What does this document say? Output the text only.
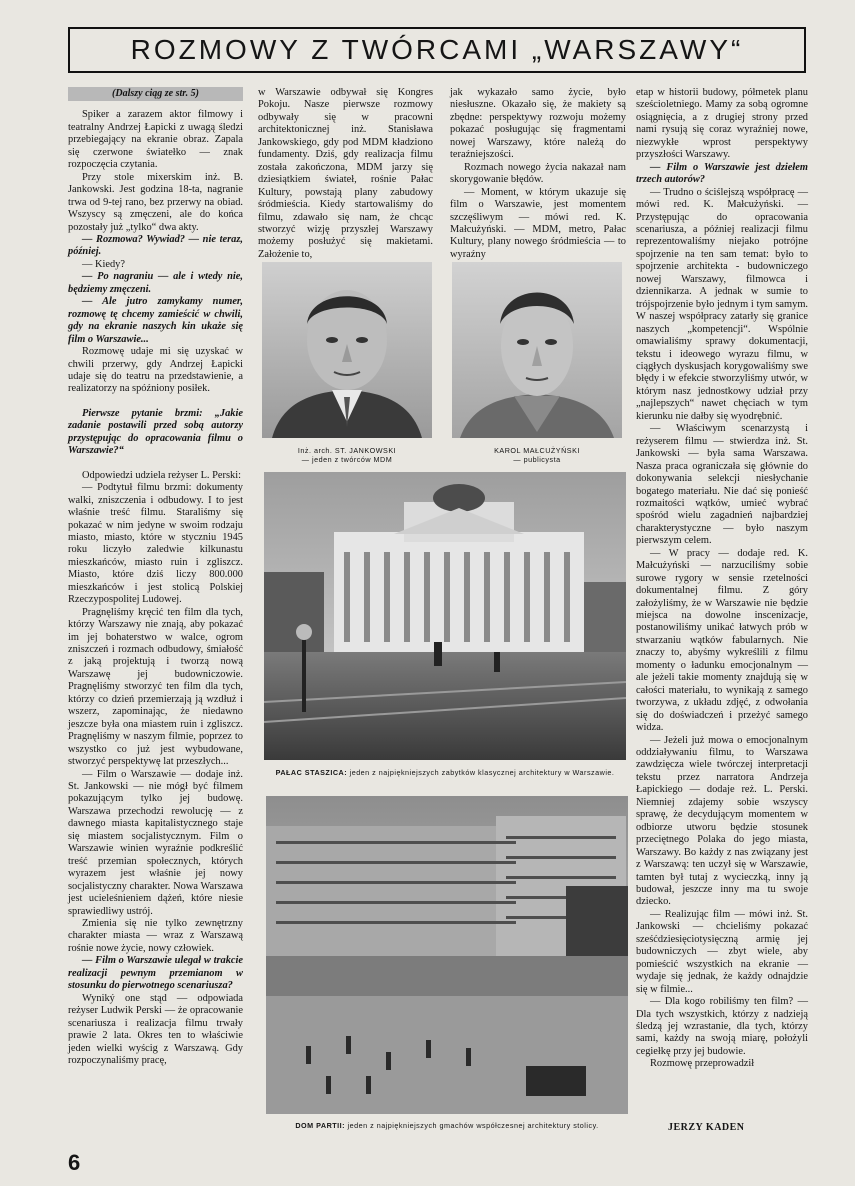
ROZMOWY Z TWÓRCAMI „WARSZAWY“
(Dalszy ciąg ze str. 5)

Spiker a zarazem aktor filmowy i teatralny Andrzej Łapicki z uwagą śledzi przebiegający na ekranie obraz. Zapala się czerwone światełko — znak rozpoczęcia czytania.

Przy stole mixerskim inż. B. Jankowski. Jest godzina 18-ta, nagranie trwa od 9-tej rano, bez przerwy na obiad. Wszyscy są zmęczeni, ale do końca pozostały już „tylko“ dwa akty.

— Rozmowa? Wywiad? — nie teraz, później.

— Kiedy?

— Po nagraniu — ale i wtedy nie, będziemy zmęczeni.

— Ale jutro zamykamy numer, rozmowę tę chcemy zamieścić w chwili, gdy na ekranie naszych kin ukaże się film o Warszawie...

Rozmowę udaje mi się uzyskać w chwili przerwy, gdy Andrzej Łapicki udaje się do teatru na przedstawienie, a realizatorzy na spóźniony posiłek.

Pierwsze pytanie brzmi: „Jakie zadanie postawili przed sobą autorzy przystępując do opracowania filmu o Warszawie?“

Odpowiedzi udziela reżyser L. Perski:

— Podtytuł filmu brzmi: dokumenty walki, zniszczenia i odbudowy. I to jest właśnie treść filmu. Staraliśmy się pokazać w nim jedyne w swoim rodzaju miasto, miasto, które w styczniu 1945 roku liczyło zaledwie kilkunastu mieszkańców, miasto ruin i zgliszcz. Miasto, które dziś liczy 800.000 mieszkańców i jest stolicą Polskiej Rzeczypospolitej Ludowej.

Pragnęliśmy kręcić ten film dla tych, którzy Warszawy nie znają, aby pokazać im jej bohaterstwo w walce, ogrom zniszczeń i rozmach odbudowy, śmiałość z jaką projektują i tworzą nową Warszawę jej budowniczowie. Pragnęliśmy stworzyć ten film dla tych, którzy co dzień przemierzają ją wzdłuż i wszerz, zapominając, że niedawno jeszcze była ona miastem ruin i zgliszcz. Pragnęliśmy w naszym filmie, poprzez to wszystko co już jest wybudowane, stworzyć perspektywę lat przeszłych...

— Film o Warszawie — dodaje inż. St. Jankowski — nie mógł być filmem pokazującym tylko jej budowę. Warszawa przechodzi rewolucję — z dawnego miasta kapitalistycznego staje się miastem socjalistycznym. Film o Warszawie winien wyraźnie podkreślić treść przemian społecznych, których wyrazem jest właśnie jej nowy socjalistyczny charakter. Nowa Warszawa jest ucieleśnieniem dążeń, które niesie sprawiedliwy ustrój.

Zmienia się nie tylko zewnętrzny charakter miasta — wraz z Warszawą rośnie nowe życie, nowy człowiek.

— Film o Warszawie ulegał w trakcie realizacji pewnym przemianom w stosunku do pierwotnego scenariusza?

Wyniký one stąd — odpowiada reżyser Ludwik Perski — że opracowanie scenariusza i realizacja filmu trwały prawie 2 lata. Okres ten to właściwie jeden wielki wyścig z Warszawą. Gdy rozpoczynaliśmy pracę,

w Warszawie odbywał się Kongres Pokoju. Nasze pierwsze rozmowy odbywały się w pracowni architektonicznej inż. Stanisława Jankowskiego, gdy pod MDM kładziono fundamenty. Dziś, gdy realizacja filmu została zakończona, MDM jarzy się dziesiątkiem świateł, rośnie Pałac Kultury, powstają plany zabudowy śródmieścia. Kiedy startowaliśmy do filmu, zdawało się nam, że chcąc stworzyć wizję przyszłej Warszawy możemy posłużyć się makietami. Założenie to,

jak wykazało samo życie, było niesłuszne. Okazało się, że makiety są zbędne: perspektywy rozwoju możemy pokazać posługując się fragmentami nowej Warszawy, które należą do teraźniejszości.

Rozmach nowego życia nakazał nam skorygowanie błędów.

— Moment, w którym ukazuje się film o Warszawie, jest momentem szczęśliwym — mówi red. K. Małcużyński. — MDM, metro, Pałac Kultury, plany nowego śródmieścia — to wyraźny

etap w historii budowy, półmetek planu sześcioletniego. Mamy za sobą ogromne osiągnięcia, a z drugiej strony przed nami rysują się coraz wyraźniej nowe, niezwykłe wprost perspektywy przyszłości Warszawy.

— Film o Warszawie jest dziełem trzech autorów?

— Trudno o ściślejszą współpracę — mówi red. K. Małcużyński. — Przystępując do opracowania scenariusza, a później realizacji filmu reprezentowaliśmy niejako potrójne spojrzenie na ten sam temat: było to spojrzenie architekta - budowniczego nowej Warszawy, filmowca i dziennikarza. A jednak w sumie to trójspojrzenie było jednym i tym samym. W naszej współpracy zatarły się granice naszych „kompetencji“. Wspólnie omawialiśmy sprawy dokumentacji, tekstu i ideowego wyrazu filmu, w ciągłych dyskusjach korygowaliśmy swe błędy i w efekcie stworzyliśmy utwór, w którym nasz jednostkowy udział przy „najlepszych“ nawet chęciach w tym kierunku nie dałby się wyodrębnić.

— Właściwym scenarzystą i reżyserem filmu — stwierdza inż. St. Jankowski — była sama Warszawa. Nasza praca ograniczała się głównie do dokonywania selekcji niesłychanie bogatego materiału. Nie dać się ponieść rozmaitości wątków, umieć wybrać spośród wielu zagadnień najbardziej charakterystyczne — było naszym pierwszym celem.

— W pracy — dodaje red. K. Małcużyński — narzuciliśmy sobie surowe rygory w sensie rzetelności dokumentalnej filmu. Z góry założyliśmy, że w Warszawie nie będzie miejsca na dowolne inscenizacje, postanowiliśmy unikać łatwych prób w stwarzaniu wątków fabularnych. Nie znaczy to, abyśmy wykreślili z filmu momenty o ładunku emocjonalnym — ale jeżeli takie momenty znajdują się w całości materiału, to wynikają z samego tworzywa, z układu zdjęć, z odwołania się do doświadczeń i przeżyć samego widza.

— Jeżeli już mowa o emocjonalnym oddziaływaniu filmu, to Warszawa zawdzięcza wiele twórczej interpretacji tekstu przez narratora Andrzeja Łapickiego — dodaje reż. L. Perski. Niemniej zdajemy sobie wszyscy sprawę, że decydującym momentem w odbiorze utworu będzie stosunek przeciętnego Polaka do jego miasta, Warszawy. Bo każdy z nas związany jest z Warszawą: ten uczył się w Warszawie, tamten był tutaj z wycieczką, inny ją budował, jeszcze inny ma tu swoje dziecko.

— Realizując film — mówi inż. St. Jankowski — chcieliśmy pokazać sześćdziesięciotysięczną armię jej budowniczych — zbyt wiele, aby pomieścić wszystkich na ekranie — wydaje się jednak, że każdy odnajdzie się w filmie...

— Dla kogo robiliśmy ten film? — Dla tych wszystkich, którzy z nadzieją śledzą jej wzrastanie, dla tych, którzy sami, każdy na swoją miarę, położyli cegiełkę przy jej budowie.

Rozmowę przeprowadził

Inż. arch. ST. JANKOWSKI
— jeden z twórców MDM
KAROL MAŁCUŻYŃSKI
— publicysta
PAŁAC STASZICA: jeden z najpiękniejszych zabytków klasycznej architektury w Warszawie.
DOM PARTII: jeden z najpiękniejszych gmachów współczesnej architektury stolicy.	JERZY KADEN
6
